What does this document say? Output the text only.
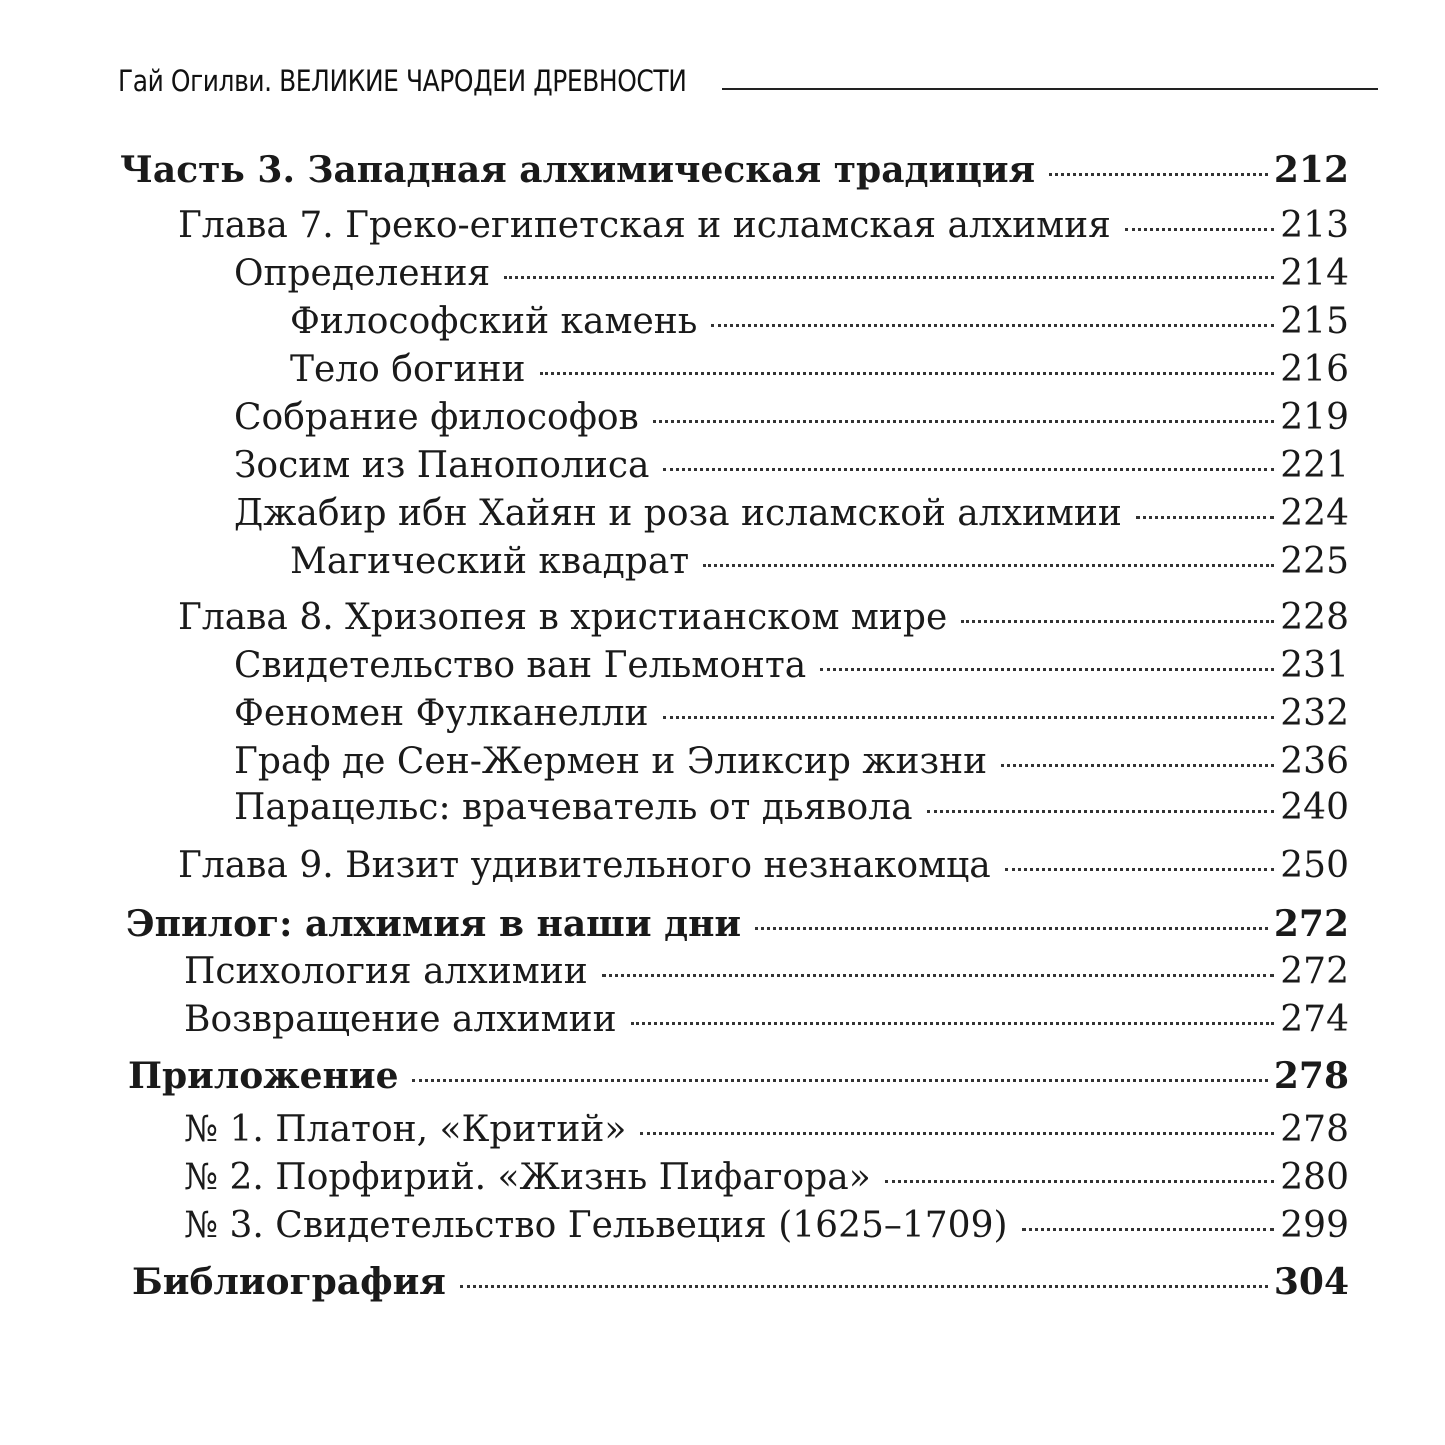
Гай Огилви. ВЕЛИКИЕ ЧАРОДЕИ ДРЕВНОСТИ
Часть 3. Западная алхимическая традиция	212
Глава 7. Греко-египетская и исламская алхимия	213
Определения	214
Философский камень	215
Тело богини	216
Собрание философов	219
Зосим из Панополиса	221
Джабир ибн Хайян и роза исламской алхимии	224
Магический квадрат	225
Глава 8. Хризопея в христианском мире	228
Свидетельство ван Гельмонта	231
Феномен Фулканелли	232
Граф де Сен-Жермен и Эликсир жизни	236
Парацельс: врачеватель от дьявола	240
Глава 9. Визит удивительного незнакомца	250
Эпилог: алхимия в наши дни	272
Психология алхимии	272
Возвращение алхимии	274
Приложение	278
№ 1. Платон, «Критий»	278
№ 2. Порфирий. «Жизнь Пифагора»	280
№ 3. Свидетельство Гельвеция (1625–1709)	299
Библиография	304
